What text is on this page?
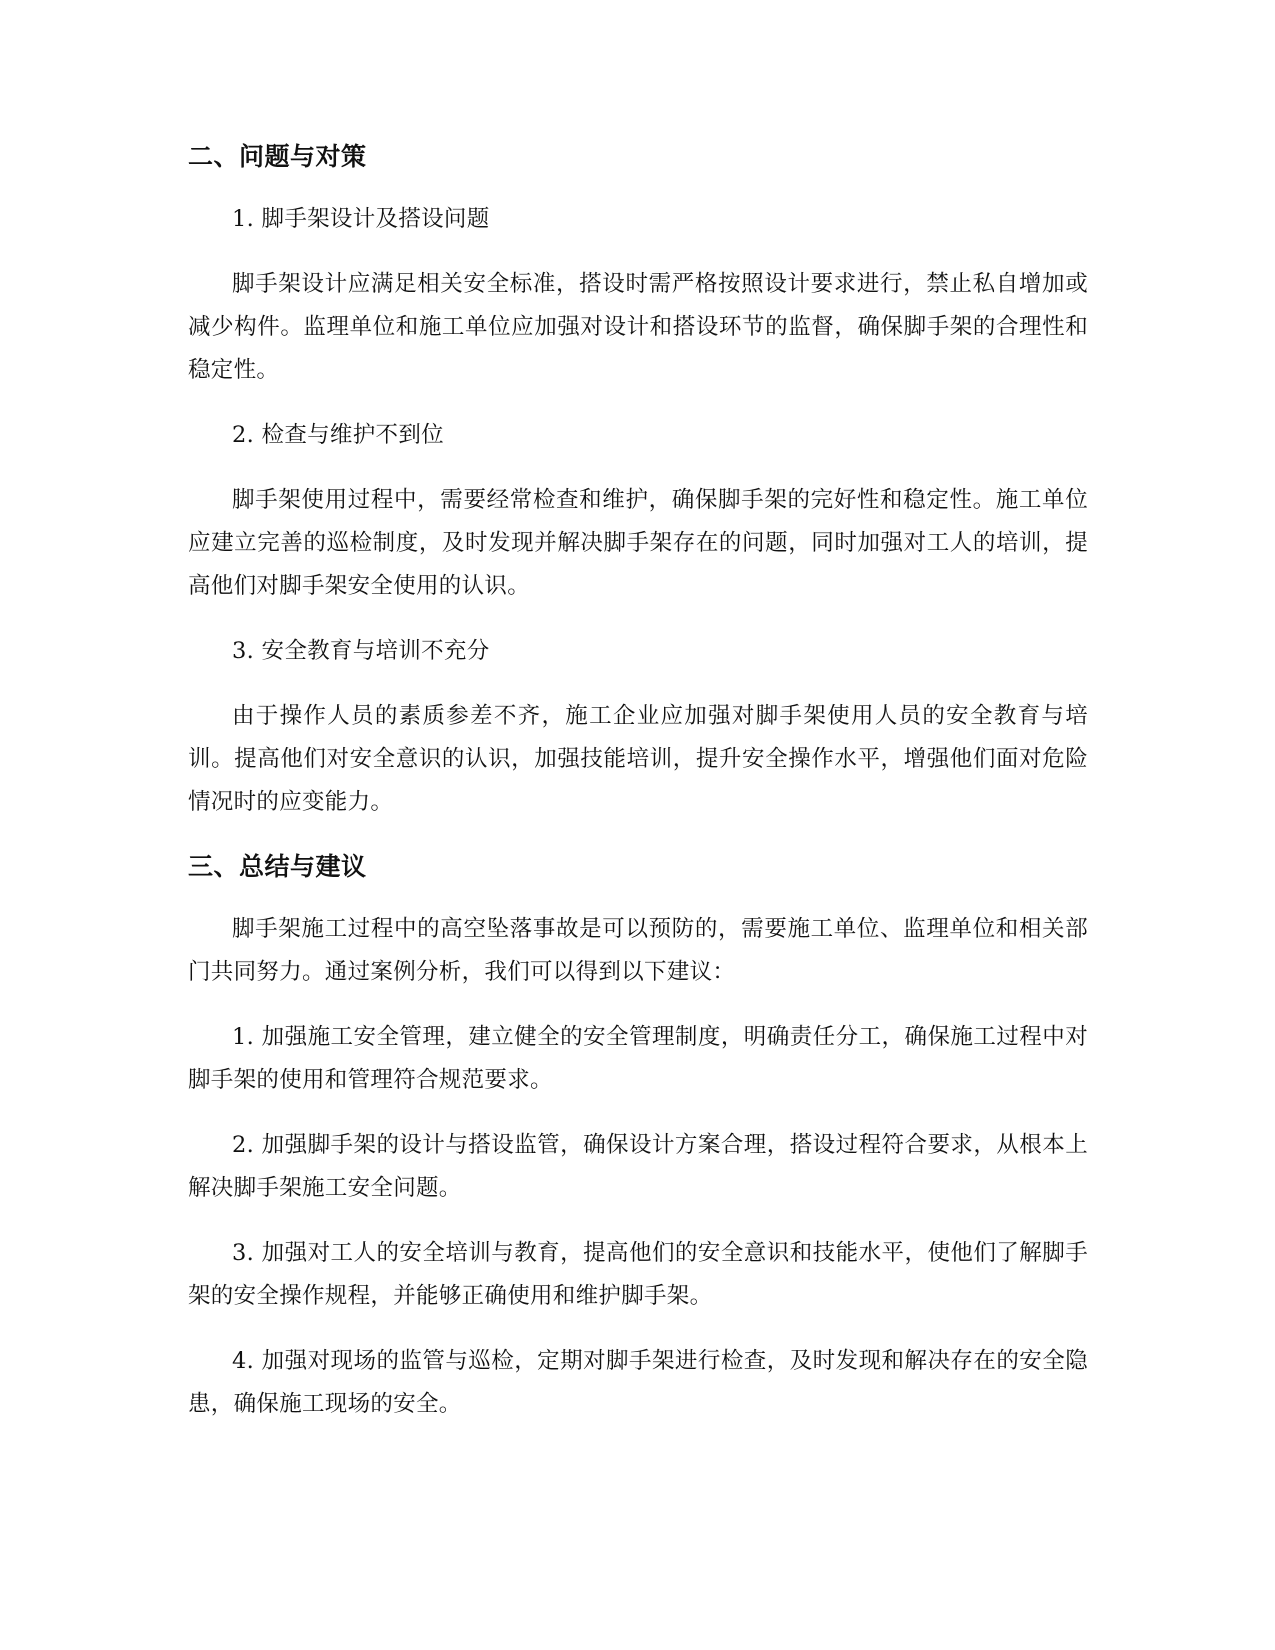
二、问题与对策

1. 脚手架设计及搭设问题

脚手架设计应满足相关安全标准，搭设时需严格按照设计要求进行，禁止私自增加或减少构件。监理单位和施工单位应加强对设计和搭设环节的监督，确保脚手架的合理性和稳定性。

2. 检查与维护不到位

脚手架使用过程中，需要经常检查和维护，确保脚手架的完好性和稳定性。施工单位应建立完善的巡检制度，及时发现并解决脚手架存在的问题，同时加强对工人的培训，提高他们对脚手架安全使用的认识。

3. 安全教育与培训不充分

由于操作人员的素质参差不齐，施工企业应加强对脚手架使用人员的安全教育与培训。提高他们对安全意识的认识，加强技能培训，提升安全操作水平，增强他们面对危险情况时的应变能力。

三、总结与建议

脚手架施工过程中的高空坠落事故是可以预防的，需要施工单位、监理单位和相关部门共同努力。通过案例分析，我们可以得到以下建议：

1. 加强施工安全管理，建立健全的安全管理制度，明确责任分工，确保施工过程中对脚手架的使用和管理符合规范要求。

2. 加强脚手架的设计与搭设监管，确保设计方案合理，搭设过程符合要求，从根本上解决脚手架施工安全问题。

3. 加强对工人的安全培训与教育，提高他们的安全意识和技能水平，使他们了解脚手架的安全操作规程，并能够正确使用和维护脚手架。

4. 加强对现场的监管与巡检，定期对脚手架进行检查，及时发现和解决存在的安全隐患，确保施工现场的安全。
